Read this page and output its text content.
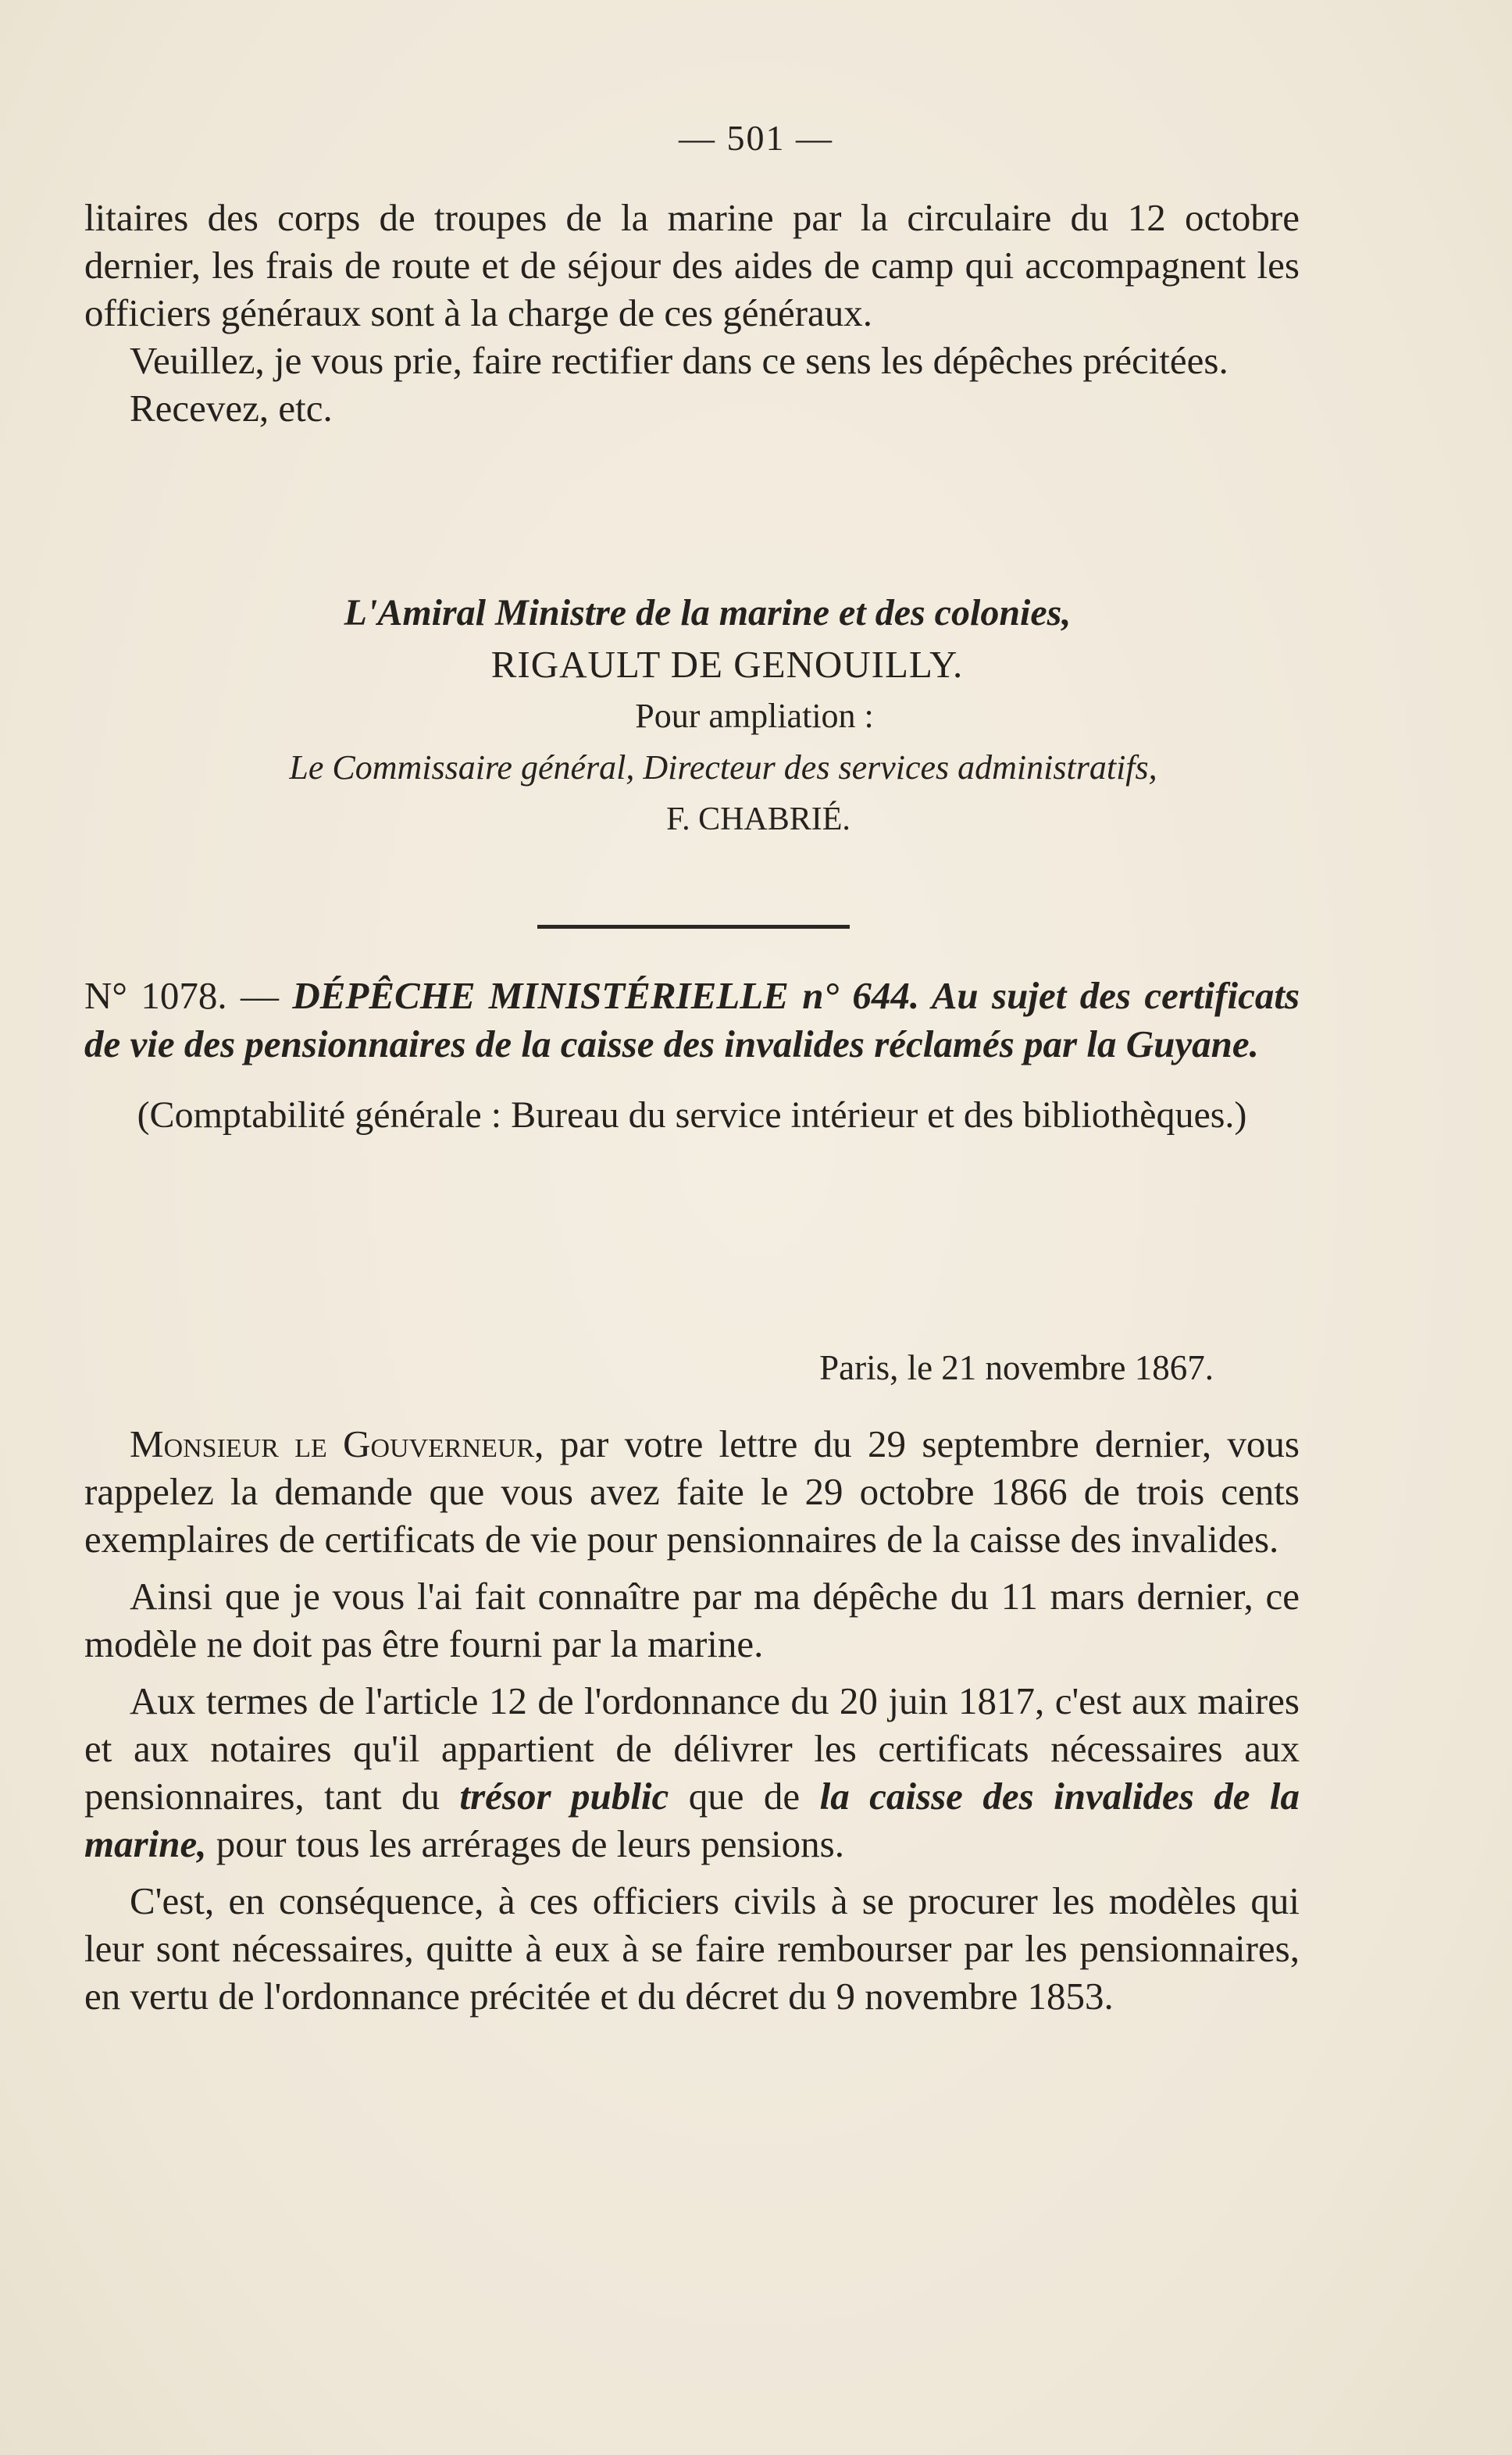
— 501 —

litaires des corps de troupes de la marine par la circulaire du 12 octobre dernier, les frais de route et de séjour des aides de camp qui accompagnent les officiers généraux sont à la charge de ces généraux.

Veuillez, je vous prie, faire rectifier dans ce sens les dépêches précitées.

Recevez, etc.

L'Amiral Ministre de la marine et des colonies,

RIGAULT DE GENOUILLY.

Pour ampliation :

Le Commissaire général, Directeur des services administratifs,

F. CHABRIÉ.

N° 1078. — DÉPÊCHE MINISTÉRIELLE n° 644. Au sujet des certificats de vie des pensionnaires de la caisse des invalides réclamés par la Guyane.

(Comptabilité générale : Bureau du service intérieur et des bibliothèques.)

Paris, le 21 novembre 1867.

Monsieur le Gouverneur, par votre lettre du 29 septembre dernier, vous rappelez la demande que vous avez faite le 29 octobre 1866 de trois cents exemplaires de certificats de vie pour pensionnaires de la caisse des invalides.

Ainsi que je vous l'ai fait connaître par ma dépêche du 11 mars dernier, ce modèle ne doit pas être fourni par la marine.

Aux termes de l'article 12 de l'ordonnance du 20 juin 1817, c'est aux maires et aux notaires qu'il appartient de délivrer les certificats nécessaires aux pensionnaires, tant du trésor public que de la caisse des invalides de la marine, pour tous les arrérages de leurs pensions.

C'est, en conséquence, à ces officiers civils à se procurer les modèles qui leur sont nécessaires, quitte à eux à se faire rembourser par les pensionnaires, en vertu de l'ordonnance précitée et du décret du 9 novembre 1853.
